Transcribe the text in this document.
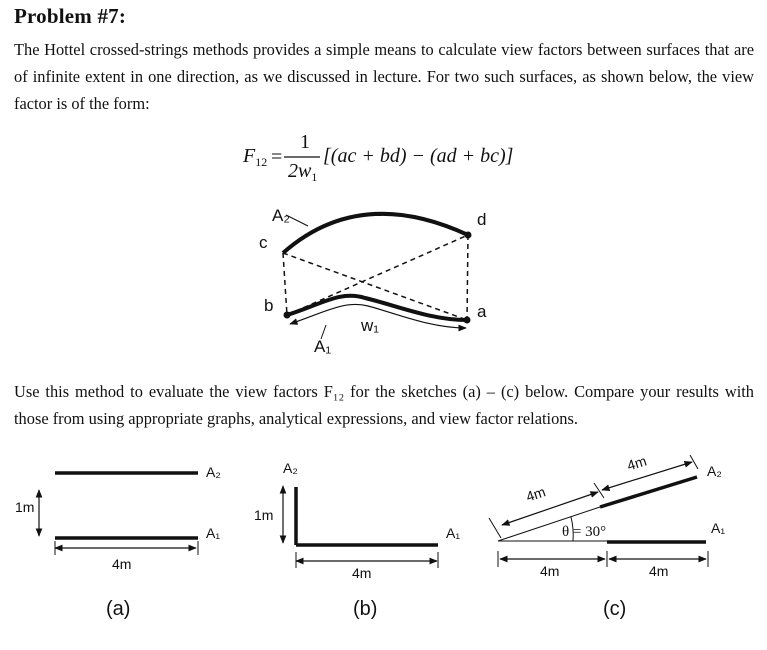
Problem #7:
The Hottel crossed-strings methods provides a simple means to calculate view factors between surfaces that are of infinite extent in one direction, as we discussed in lecture. For two such surfaces, as shown below, the view factor is of the form:
$F_{12}$ =
1
$2w_1$
[(ac + bd) − (ad + bc)]
A₂
c
d
b	a
w₁
A₁
Use this method to evaluate the view factors F₁₂ for the sketches (a) – (c) below. Compare your results with those from using appropriate graphs, analytical expressions, and view factor relations.
A₂
A₁
1m
4m
(a)
A₂
A₁
1m
4m
(b)
A₂
A₁
4m
4m
θ = 30°
4m	4m
(c)
